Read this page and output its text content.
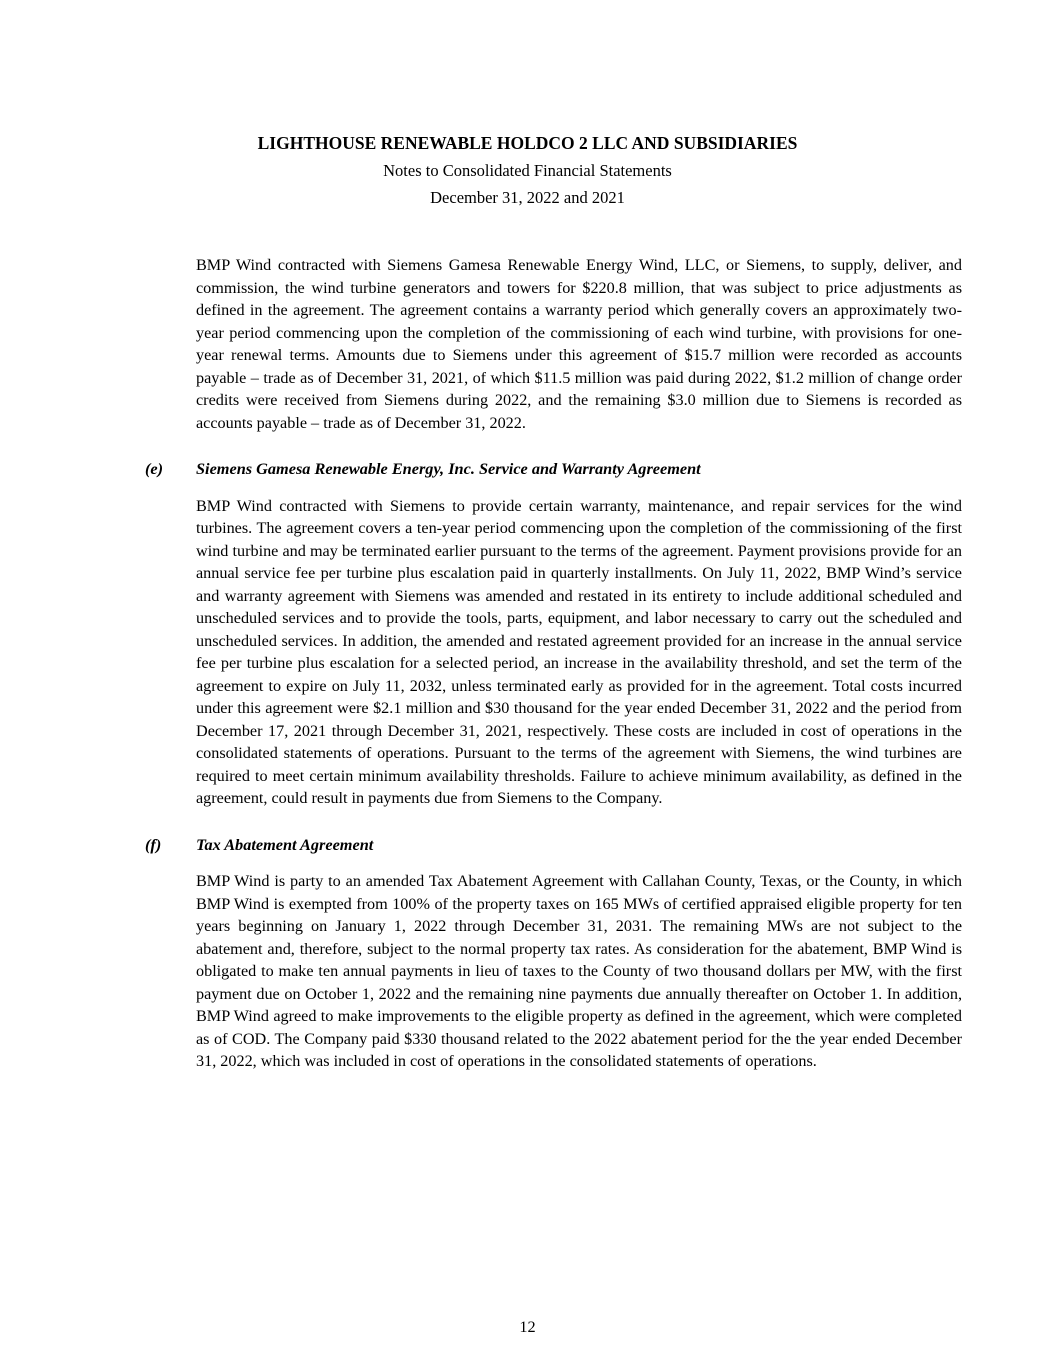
LIGHTHOUSE RENEWABLE HOLDCO 2 LLC AND SUBSIDIARIES
Notes to Consolidated Financial Statements
December 31, 2022 and 2021

BMP Wind contracted with Siemens Gamesa Renewable Energy Wind, LLC, or Siemens, to supply, deliver, and commission, the wind turbine generators and towers for $220.8 million, that was subject to price adjustments as defined in the agreement. The agreement contains a warranty period which generally covers an approximately two-year period commencing upon the completion of the commissioning of each wind turbine, with provisions for one-year renewal terms. Amounts due to Siemens under this agreement of $15.7 million were recorded as accounts payable – trade as of December 31, 2021, of which $11.5 million was paid during 2022, $1.2 million of change order credits were received from Siemens during 2022, and the remaining $3.0 million due to Siemens is recorded as accounts payable – trade as of December 31, 2022.

(e)	Siemens Gamesa Renewable Energy, Inc. Service and Warranty Agreement

BMP Wind contracted with Siemens to provide certain warranty, maintenance, and repair services for the wind turbines. The agreement covers a ten-year period commencing upon the completion of the commissioning of the first wind turbine and may be terminated earlier pursuant to the terms of the agreement. Payment provisions provide for an annual service fee per turbine plus escalation paid in quarterly installments. On July 11, 2022, BMP Wind’s service and warranty agreement with Siemens was amended and restated in its entirety to include additional scheduled and unscheduled services and to provide the tools, parts, equipment, and labor necessary to carry out the scheduled and unscheduled services. In addition, the amended and restated agreement provided for an increase in the annual service fee per turbine plus escalation for a selected period, an increase in the availability threshold, and set the term of the agreement to expire on July 11, 2032, unless terminated early as provided for in the agreement. Total costs incurred under this agreement were $2.1 million and $30 thousand for the year ended December 31, 2022 and the period from December 17, 2021 through December 31, 2021, respectively. These costs are included in cost of operations in the consolidated statements of operations. Pursuant to the terms of the agreement with Siemens, the wind turbines are required to meet certain minimum availability thresholds. Failure to achieve minimum availability, as defined in the agreement, could result in payments due from Siemens to the Company.

(f)	Tax Abatement Agreement

BMP Wind is party to an amended Tax Abatement Agreement with Callahan County, Texas, or the County, in which BMP Wind is exempted from 100% of the property taxes on 165 MWs of certified appraised eligible property for ten years beginning on January 1, 2022 through December 31, 2031. The remaining MWs are not subject to the abatement and, therefore, subject to the normal property tax rates. As consideration for the abatement, BMP Wind is obligated to make ten annual payments in lieu of taxes to the County of two thousand dollars per MW, with the first payment due on October 1, 2022 and the remaining nine payments due annually thereafter on October 1. In addition, BMP Wind agreed to make improvements to the eligible property as defined in the agreement, which were completed as of COD. The Company paid $330 thousand related to the 2022 abatement period for the the year ended December 31, 2022, which was included in cost of operations in the consolidated statements of operations.

12
